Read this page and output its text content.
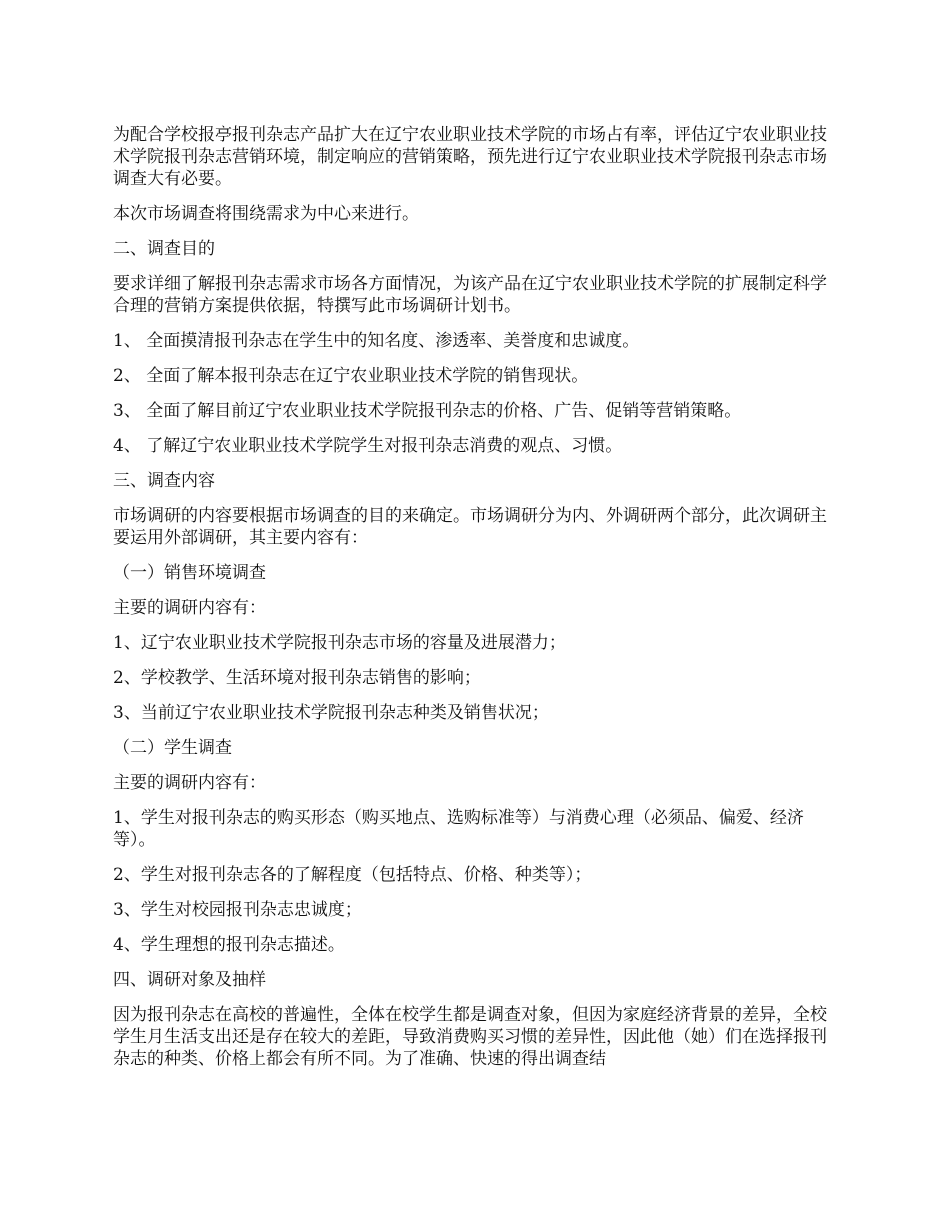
为配合学校报亭报刊杂志产品扩大在辽宁农业职业技术学院的市场占有率，评估辽宁农业职业技术学院报刊杂志营销环境，制定响应的营销策略，预先进行辽宁农业职业技术学院报刊杂志市场调查大有必要。

本次市场调查将围绕需求为中心来进行。

二、调查目的

要求详细了解报刊杂志需求市场各方面情况，为该产品在辽宁农业职业技术学院的扩展制定科学合理的营销方案提供依据，特撰写此市场调研计划书。

1、 全面摸清报刊杂志在学生中的知名度、渗透率、美誉度和忠诚度。

2、 全面了解本报刊杂志在辽宁农业职业技术学院的销售现状。

3、 全面了解目前辽宁农业职业技术学院报刊杂志的价格、广告、促销等营销策略。

4、 了解辽宁农业职业技术学院学生对报刊杂志消费的观点、习惯。

三、调查内容

市场调研的内容要根据市场调查的目的来确定。市场调研分为内、外调研两个部分，此次调研主要运用外部调研，其主要内容有：

（一）销售环境调查

主要的调研内容有：

1、辽宁农业职业技术学院报刊杂志市场的容量及进展潜力；

2、学校教学、生活环境对报刊杂志销售的影响；

3、当前辽宁农业职业技术学院报刊杂志种类及销售状况；

（二）学生调查

主要的调研内容有：

1、学生对报刊杂志的购买形态（购买地点、选购标准等）与消费心理（必须品、偏爱、经济等）。

2、学生对报刊杂志各的了解程度（包括特点、价格、种类等）；

3、学生对校园报刊杂志忠诚度；

4、学生理想的报刊杂志描述。

四、调研对象及抽样

因为报刊杂志在高校的普遍性，全体在校学生都是调查对象，但因为家庭经济背景的差异，全校学生月生活支出还是存在较大的差距，导致消费购买习惯的差异性，因此他（她）们在选择报刊杂志的种类、价格上都会有所不同。为了准确、快速的得出调查结
